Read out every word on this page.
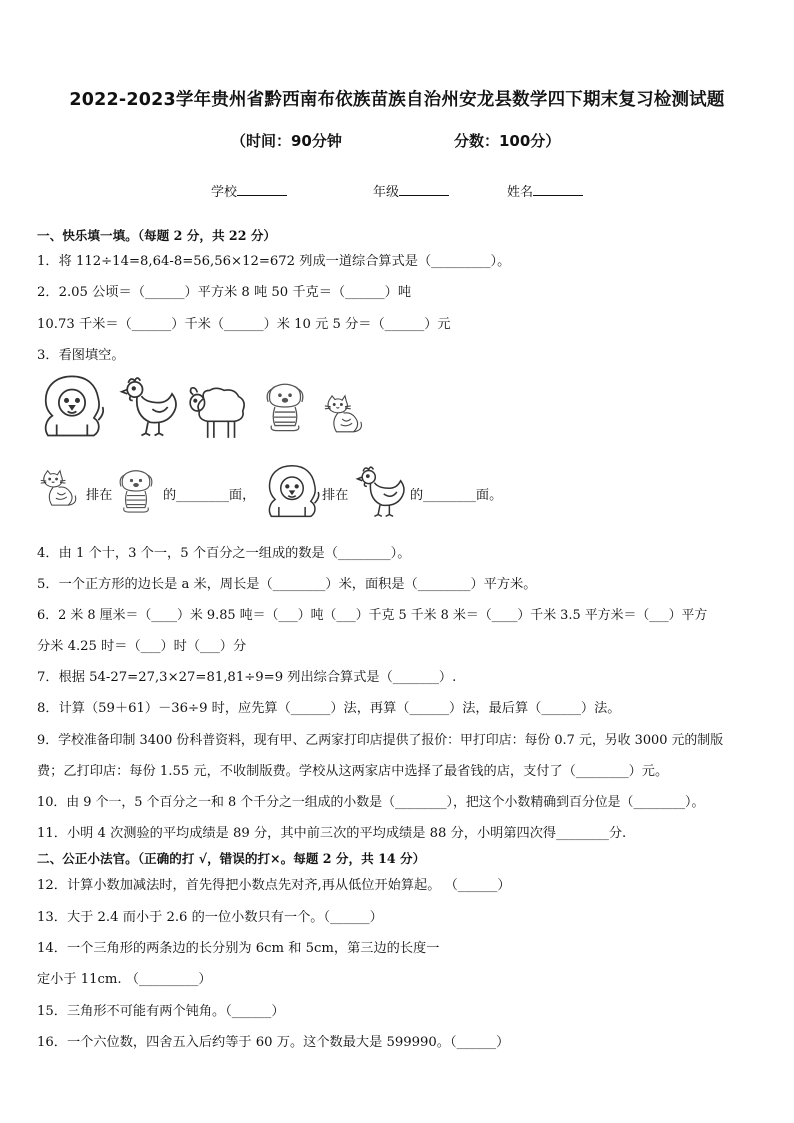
2022-2023学年贵州省黔西南布依族苗族自治州安龙县数学四下期末复习检测试题
（时间：90分钟	分数：100分）
学校	年级	姓名
一、快乐填一填。（每题 2 分，共 22 分）
1．将 112÷14=8,64-8=56,56×12=672 列成一道综合算式是（_________）。
2．2.05 公顷＝（______）平方米 8 吨 50 千克＝（______）吨
10.73 千米＝（______）千米（______）米 10 元 5 分＝（______）元
3．看图填空。
排在	的________面，	排在	的________面。
4．由 1 个十，3 个一，5 个百分之一组成的数是（________）。
5．一个正方形的边长是 a 米，周长是（________）米，面积是（________）平方米。
6．2 米 8 厘米＝（____）米 9.85 吨＝（___）吨（___）千克 5 千米 8 米＝（____）千米 3.5 平方米＝（___）平方
分米 4.25 时＝（___）时（___）分
7．根据 54-27=27,3×27=81,81÷9=9 列出综合算式是（_______）.
8．计算（59＋61）－36÷9 时，应先算（______）法，再算（______）法，最后算（______）法。
9．学校准备印制 3400 份科普资料，现有甲、乙两家打印店提供了报价：甲打印店：每份 0.7 元，另收 3000 元的制版
费；乙打印店：每份 1.55 元，不收制版费。学校从这两家店中选择了最省钱的店，支付了（________）元。
10．由 9 个一，5 个百分之一和 8 个千分之一组成的小数是（________），把这个小数精确到百分位是（________）。
11．小明 4 次测验的平均成绩是 89 分，其中前三次的平均成绩是 88 分，小明第四次得________分.
二、公正小法官。（正确的打 √，错误的打×。每题 2 分，共 14 分）
12．计算小数加减法时，首先得把小数点先对齐,再从低位开始算起。 （______）
13．大于 2.4 而小于 2.6 的一位小数只有一个。（______）
14．一个三角形的两条边的长分别为 6cm 和 5cm，第三边的长度一
定小于 11cm. （_________）
15．三角形不可能有两个钝角。（______）
16．一个六位数，四舍五入后约等于 60 万。这个数最大是 599990。（______）
